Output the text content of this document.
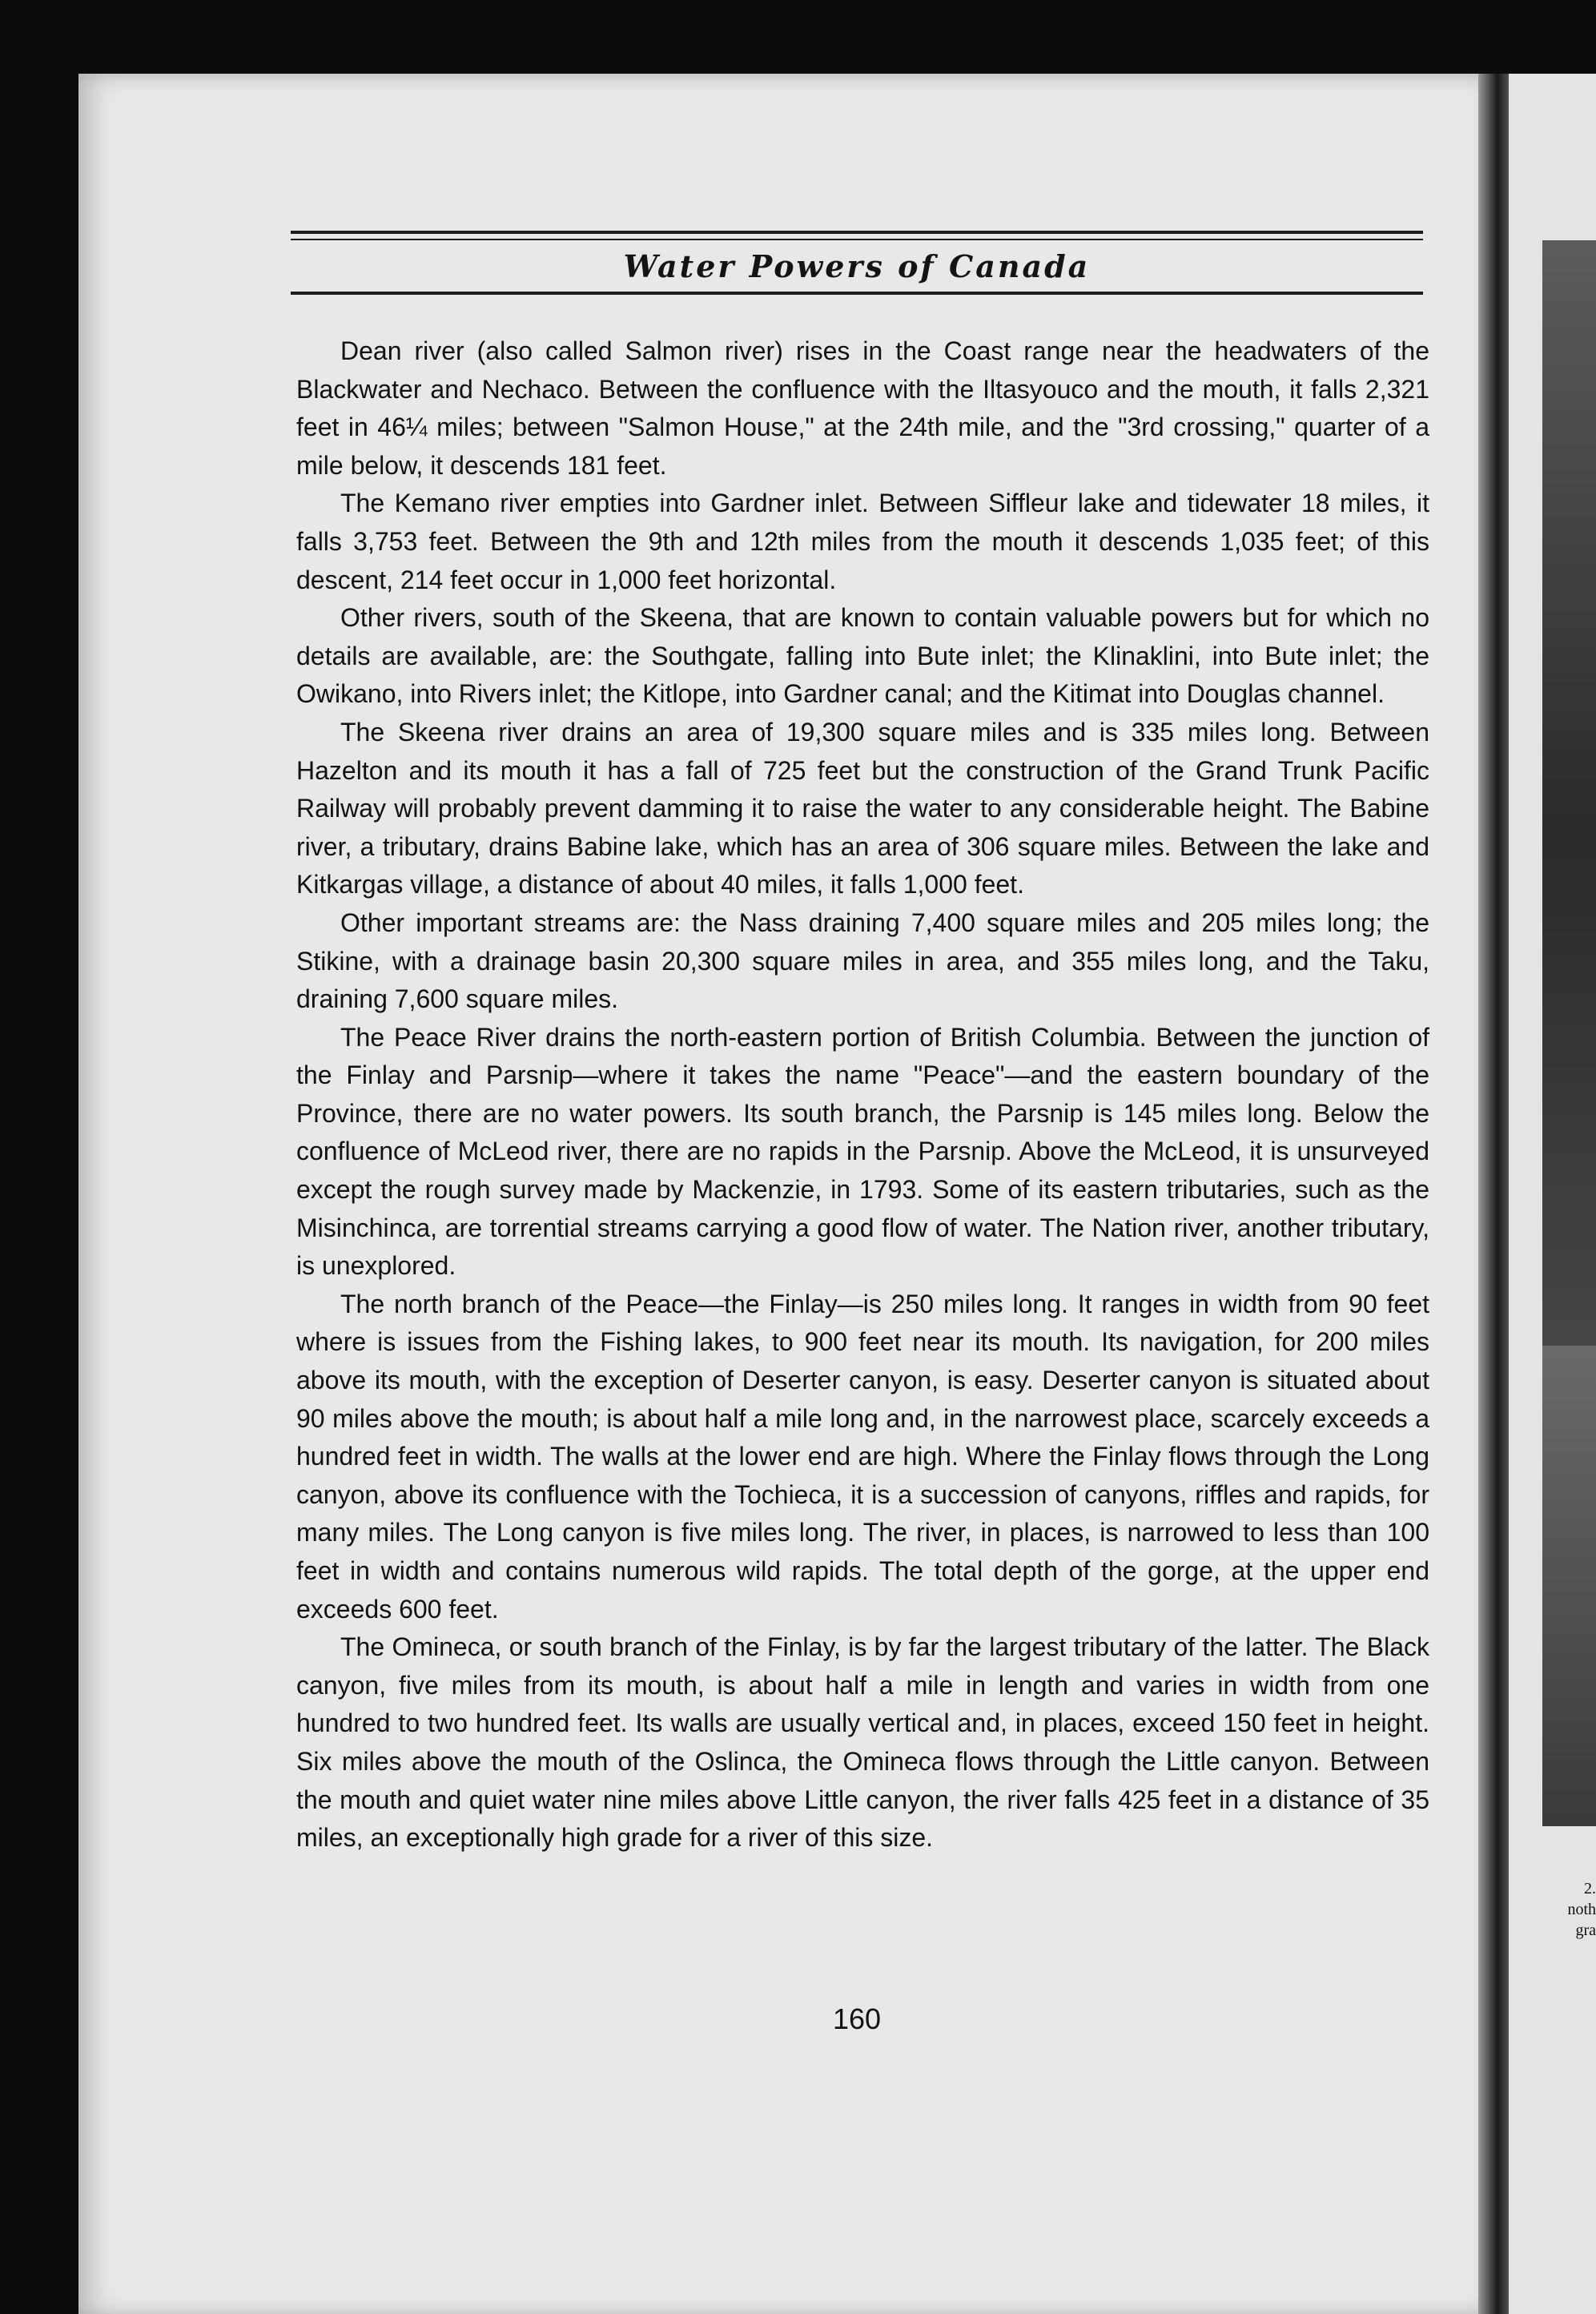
2.
noth
gra
Water Powers of Canada

Dean river (also called Salmon river) rises in the Coast range near the headwaters of the Blackwater and Nechaco. Between the confluence with the Iltasyouco and the mouth, it falls 2,321 feet in 46¼ miles; between "Salmon House," at the 24th mile, and the "3rd crossing," quarter of a mile below, it descends 181 feet.

The Kemano river empties into Gardner inlet. Between Siffleur lake and tidewater 18 miles, it falls 3,753 feet. Between the 9th and 12th miles from the mouth it descends 1,035 feet; of this descent, 214 feet occur in 1,000 feet horizontal.

Other rivers, south of the Skeena, that are known to contain valuable powers but for which no details are available, are: the Southgate, falling into Bute inlet; the Klinaklini, into Bute inlet; the Owikano, into Rivers inlet; the Kitlope, into Gardner canal; and the Kitimat into Douglas channel.

The Skeena river drains an area of 19,300 square miles and is 335 miles long. Between Hazelton and its mouth it has a fall of 725 feet but the construction of the Grand Trunk Pacific Railway will probably prevent damming it to raise the water to any considerable height. The Babine river, a tributary, drains Babine lake, which has an area of 306 square miles. Between the lake and Kitkargas village, a distance of about 40 miles, it falls 1,000 feet.

Other important streams are: the Nass draining 7,400 square miles and 205 miles long; the Stikine, with a drainage basin 20,300 square miles in area, and 355 miles long, and the Taku, draining 7,600 square miles.

The Peace River drains the north-eastern portion of British Columbia. Between the junction of the Finlay and Parsnip—where it takes the name "Peace"—and the eastern boundary of the Province, there are no water powers. Its south branch, the Parsnip is 145 miles long. Below the confluence of McLeod river, there are no rapids in the Parsnip. Above the McLeod, it is unsurveyed except the rough survey made by Mackenzie, in 1793. Some of its eastern tributaries, such as the Misinchinca, are torrential streams carrying a good flow of water. The Nation river, another tributary, is unexplored.

The north branch of the Peace—the Finlay—is 250 miles long. It ranges in width from 90 feet where is issues from the Fishing lakes, to 900 feet near its mouth. Its navigation, for 200 miles above its mouth, with the exception of Deserter canyon, is easy. Deserter canyon is situated about 90 miles above the mouth; is about half a mile long and, in the narrowest place, scarcely exceeds a hundred feet in width. The walls at the lower end are high. Where the Finlay flows through the Long canyon, above its confluence with the Tochieca, it is a succession of canyons, riffles and rapids, for many miles. The Long canyon is five miles long. The river, in places, is narrowed to less than 100 feet in width and contains numerous wild rapids. The total depth of the gorge, at the upper end exceeds 600 feet.

The Omineca, or south branch of the Finlay, is by far the largest tributary of the latter. The Black canyon, five miles from its mouth, is about half a mile in length and varies in width from one hundred to two hundred feet. Its walls are usually vertical and, in places, exceed 150 feet in height. Six miles above the mouth of the Oslinca, the Omineca flows through the Little canyon. Between the mouth and quiet water nine miles above Little canyon, the river falls 425 feet in a distance of 35 miles, an exceptionally high grade for a river of this size.

160
